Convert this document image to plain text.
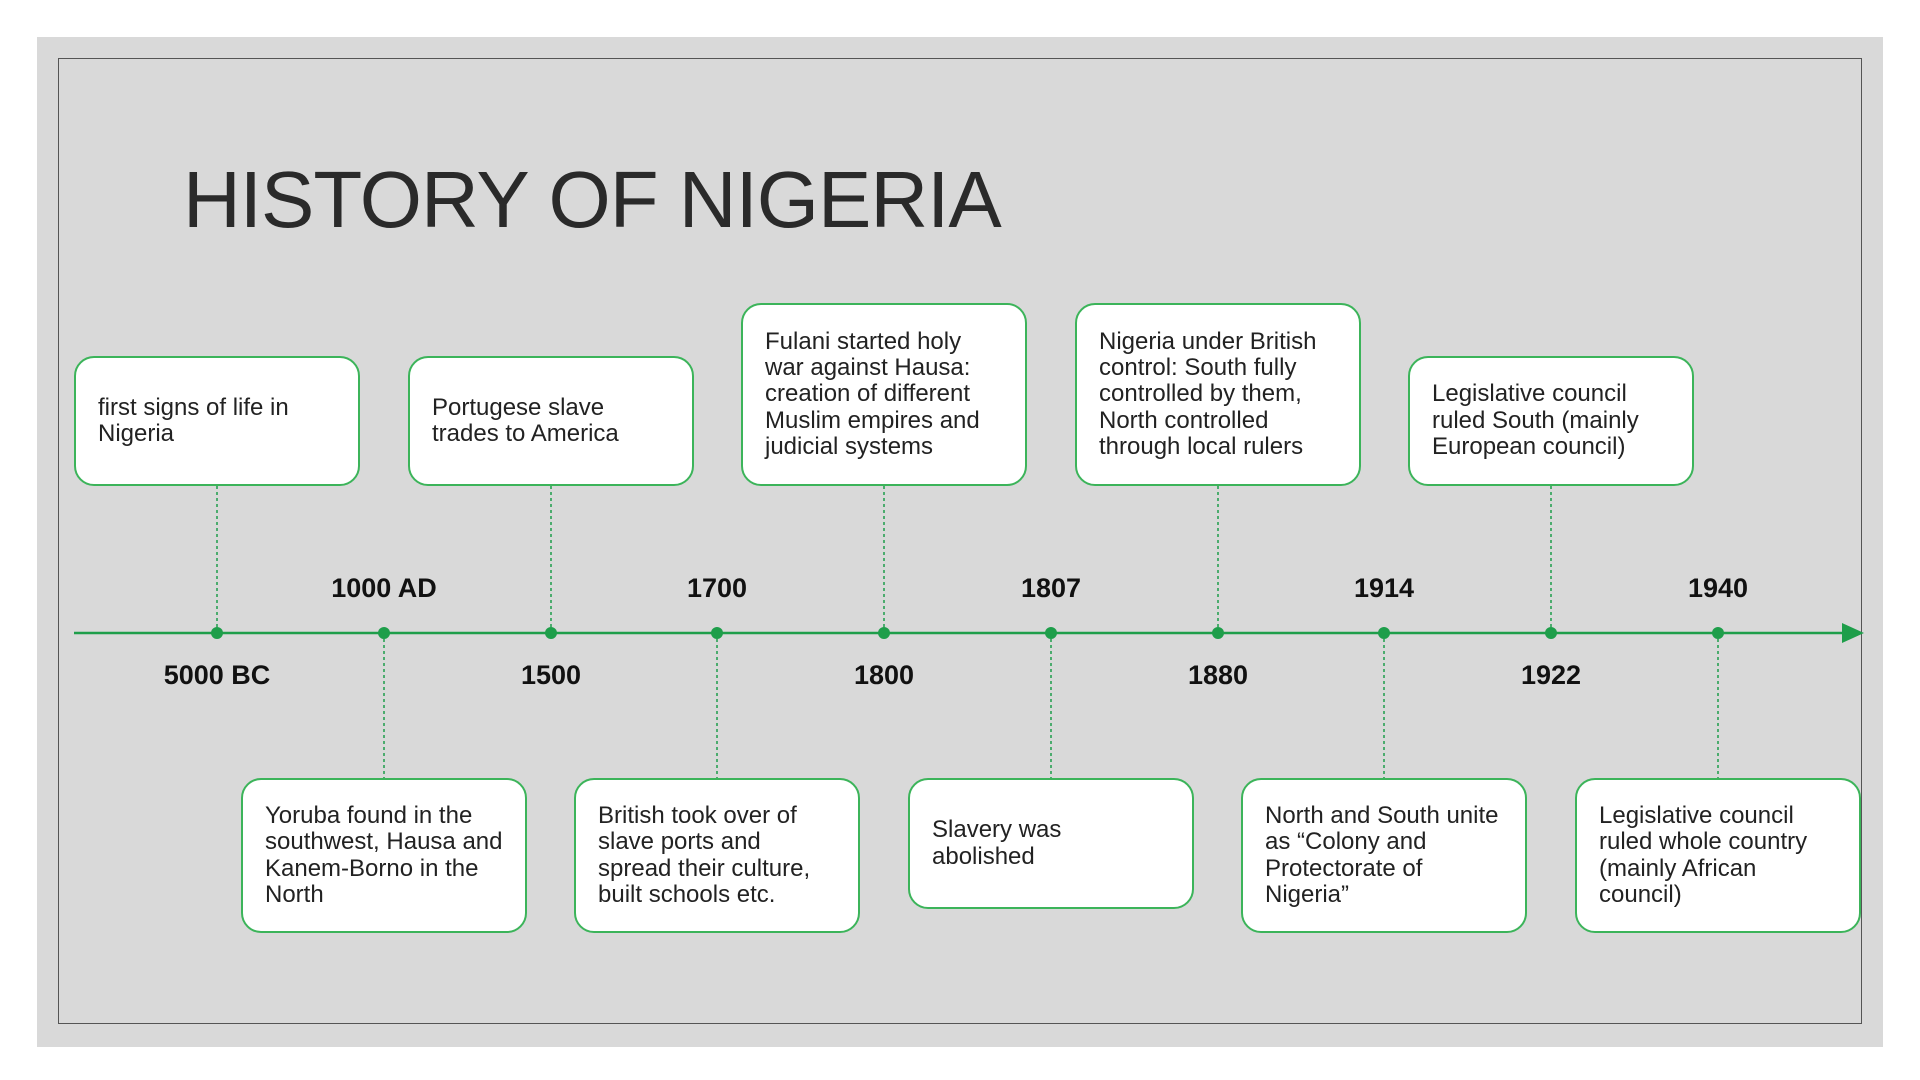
HISTORY OF NIGERIA
1000 AD	1700	1807	1914	1940
5000 BC	1500	1800	1880	1922
first signs of life in Nigeria
Portugese slave trades to America
Fulani started holy war against Hausa: creation of different Muslim empires and judicial systems
Nigeria under British control: South fully controlled by them, North controlled through local rulers
Legislative council ruled South (mainly European council)
Yoruba found in the southwest, Hausa and Kanem-Borno in the North
British took over of slave ports and spread their culture, built schools etc.
Slavery was abolished
North and South unite as “Colony and Protectorate of Nigeria”
Legislative council ruled whole country (mainly African council)
